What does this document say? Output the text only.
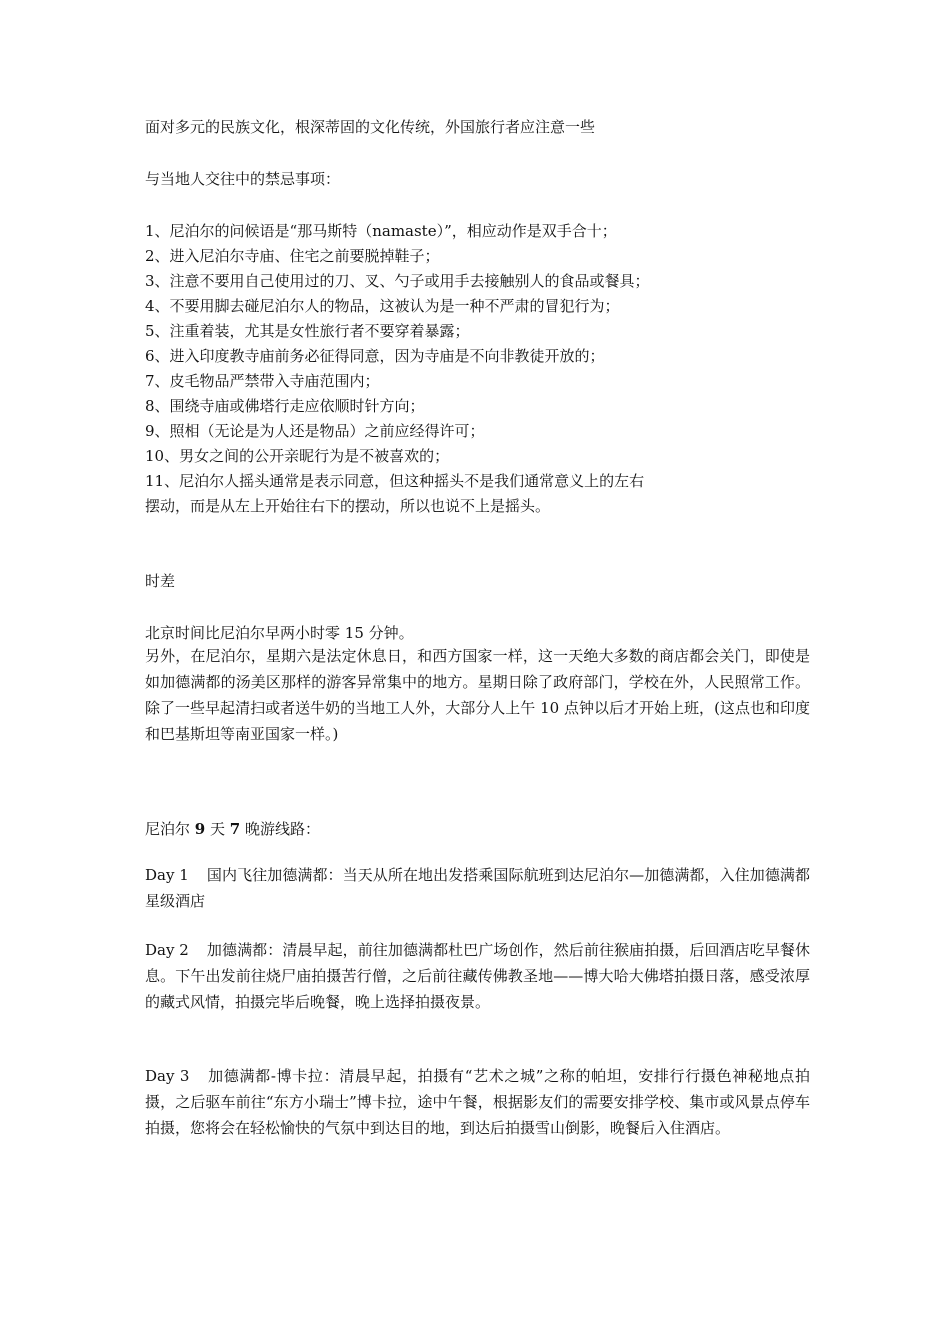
面对多元的民族文化，根深蒂固的文化传统，外国旅行者应注意一些
与当地人交往中的禁忌事项：
1、尼泊尔的问候语是“那马斯特（namaste）”，相应动作是双手合十；
2、进入尼泊尔寺庙、住宅之前要脱掉鞋子；
3、注意不要用自己使用过的刀、叉、勺子或用手去接触别人的食品或餐具；
4、不要用脚去碰尼泊尔人的物品，这被认为是一种不严肃的冒犯行为；
5、注重着装，尤其是女性旅行者不要穿着暴露；
6、进入印度教寺庙前务必征得同意，因为寺庙是不向非教徒开放的；
7、皮毛物品严禁带入寺庙范围内；
8、围绕寺庙或佛塔行走应依顺时针方向；
9、照相（无论是为人还是物品）之前应经得许可；
10、男女之间的公开亲昵行为是不被喜欢的；
11、尼泊尔人摇头通常是表示同意，但这种摇头不是我们通常意义上的左右
摆动，而是从左上开始往右下的摆动，所以也说不上是摇头。
时差
北京时间比尼泊尔早两小时零 15 分钟。
另外，在尼泊尔，星期六是法定休息日，和西方国家一样，这一天绝大多数的商店都会关门，即使是如加德满都的汤美区那样的游客异常集中的地方。星期日除了政府部门，学校在外，人民照常工作。 除了一些早起清扫或者送牛奶的当地工人外，大部分人上午 10 点钟以后才开始上班，(这点也和印度和巴基斯坦等南亚国家一样。)
尼泊尔 9 天 7 晚游线路：
Day 1 国内飞往加德满都：当天从所在地出发搭乘国际航班到达尼泊尔—加德满都，入住加德满都星级酒店
Day 2 加德满都：清晨早起，前往加德满都杜巴广场创作，然后前往猴庙拍摄，后回酒店吃早餐休息。下午出发前往烧尸庙拍摄苦行僧，之后前往藏传佛教圣地——博大哈大佛塔拍摄日落，感受浓厚的藏式风情，拍摄完毕后晚餐，晚上选择拍摄夜景。
Day 3 加德满都-博卡拉：清晨早起，拍摄有“艺术之城”之称的帕坦，安排行行摄色神秘地点拍摄，之后驱车前往“东方小瑞士”博卡拉，途中午餐，根据影友们的需要安排学校、集市或风景点停车拍摄，您将会在轻松愉快的气氛中到达目的地，到达后拍摄雪山倒影，晚餐后入住酒店。
